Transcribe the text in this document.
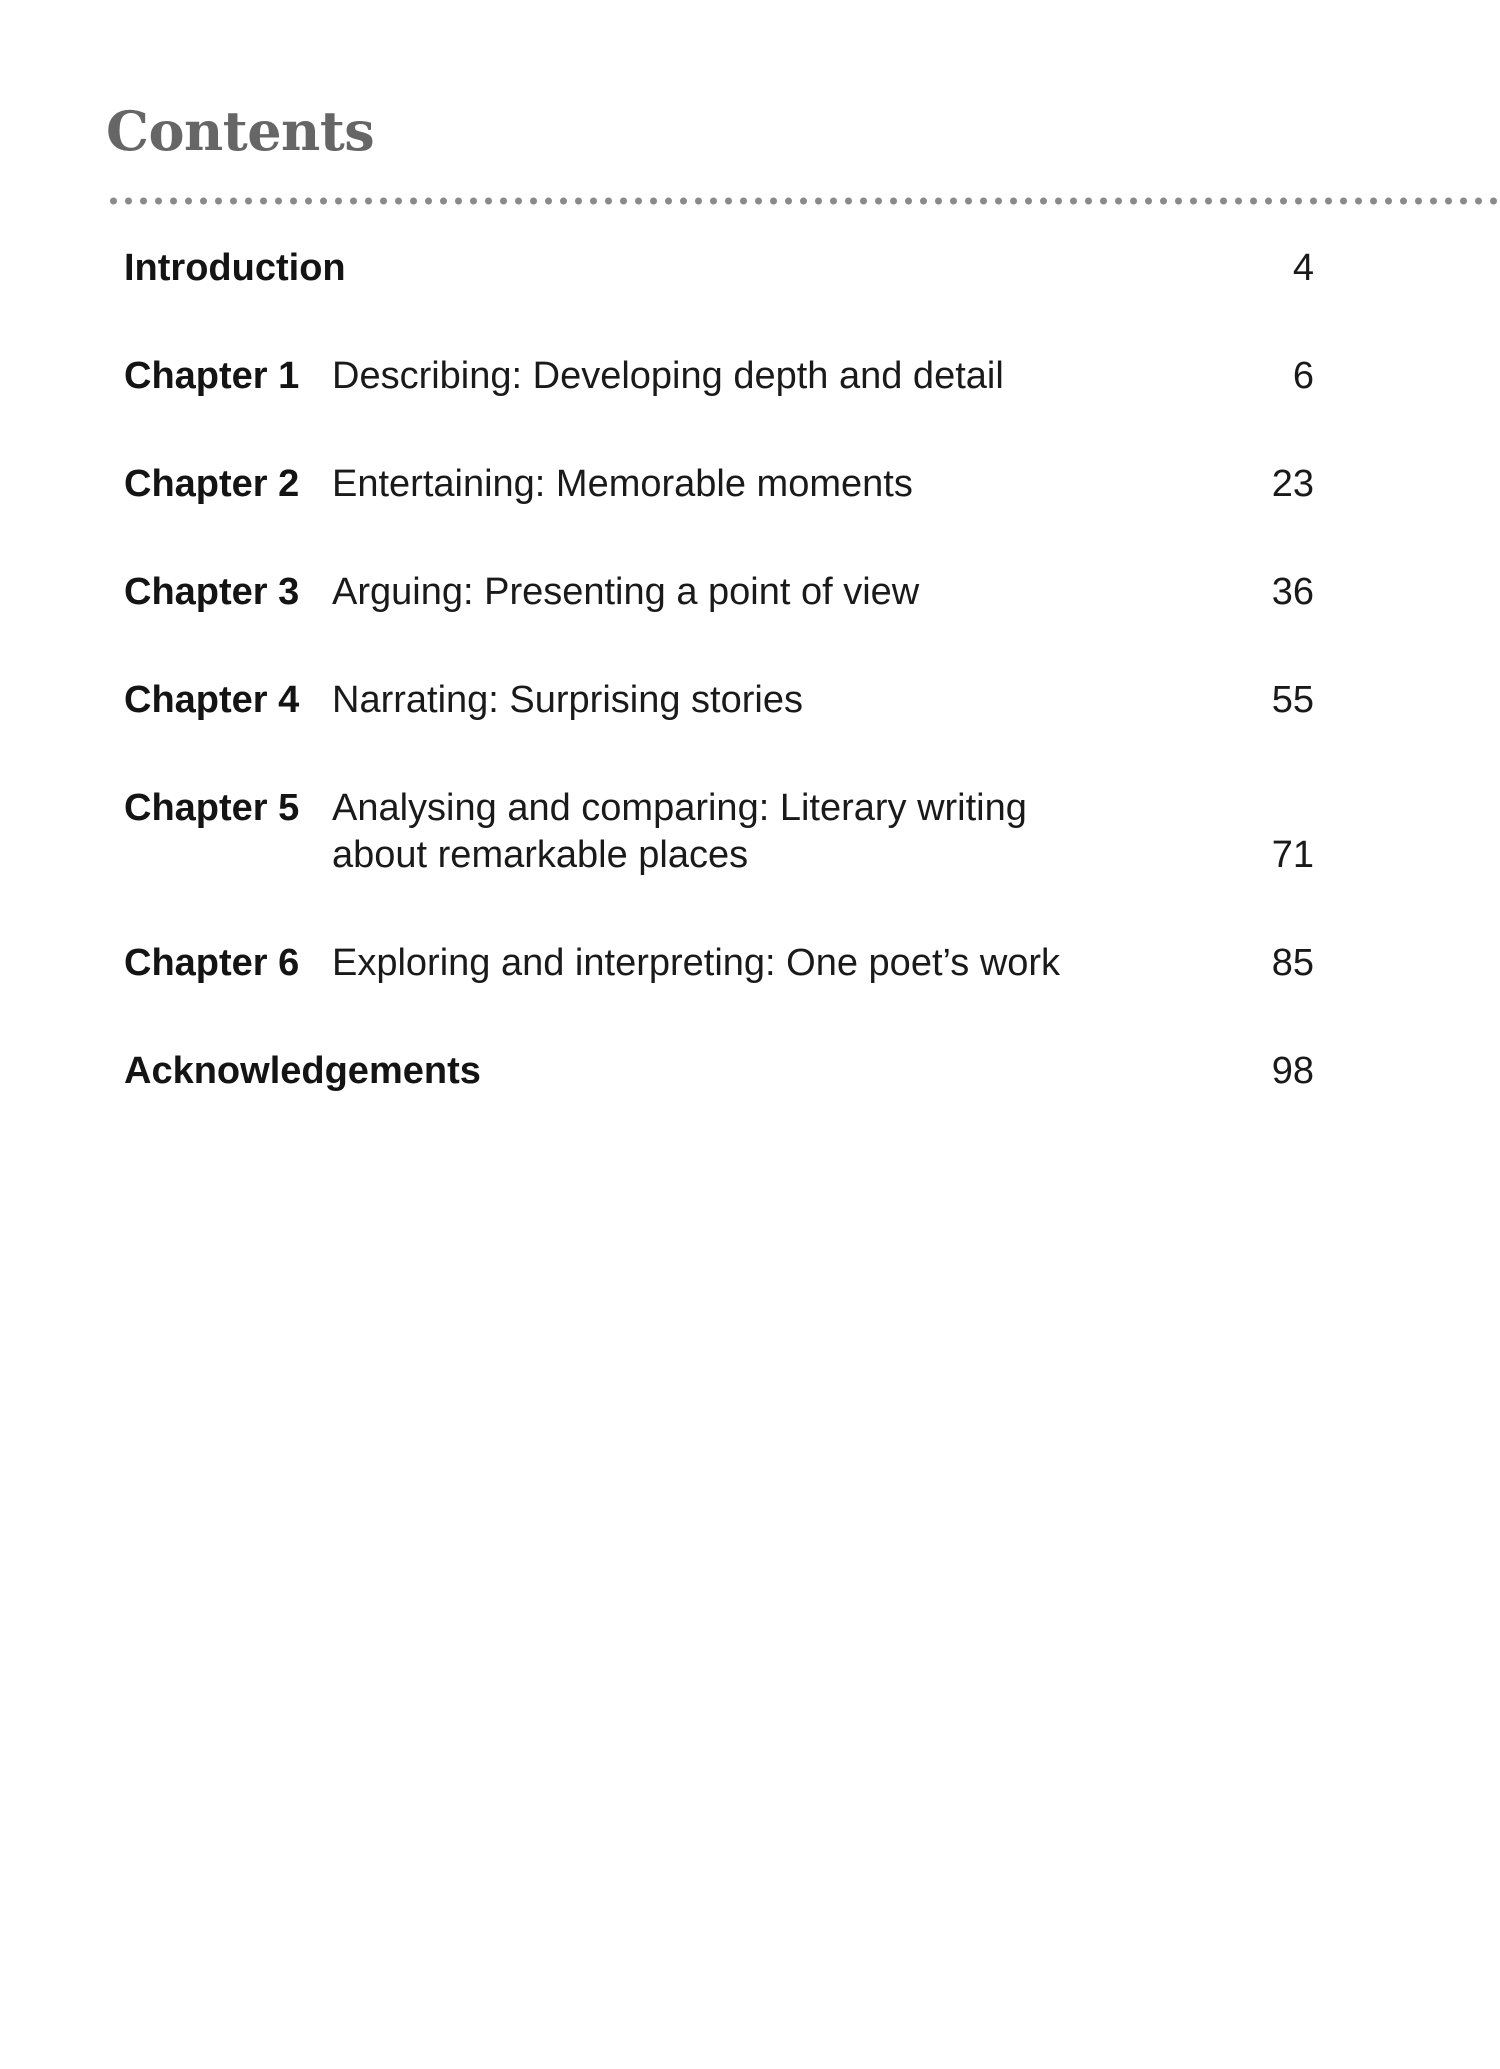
Contents
Introduction	4
Chapter 1 Describing: Developing depth and detail	6
Chapter 2 Entertaining: Memorable moments	23
Chapter 3 Arguing: Presenting a point of view	36
Chapter 4 Narrating: Surprising stories	55
Chapter 5 Analysing and comparing: Literary writing
about remarkable places	71
Chapter 6 Exploring and interpreting: One poet’s work	85
Acknowledgements	98
